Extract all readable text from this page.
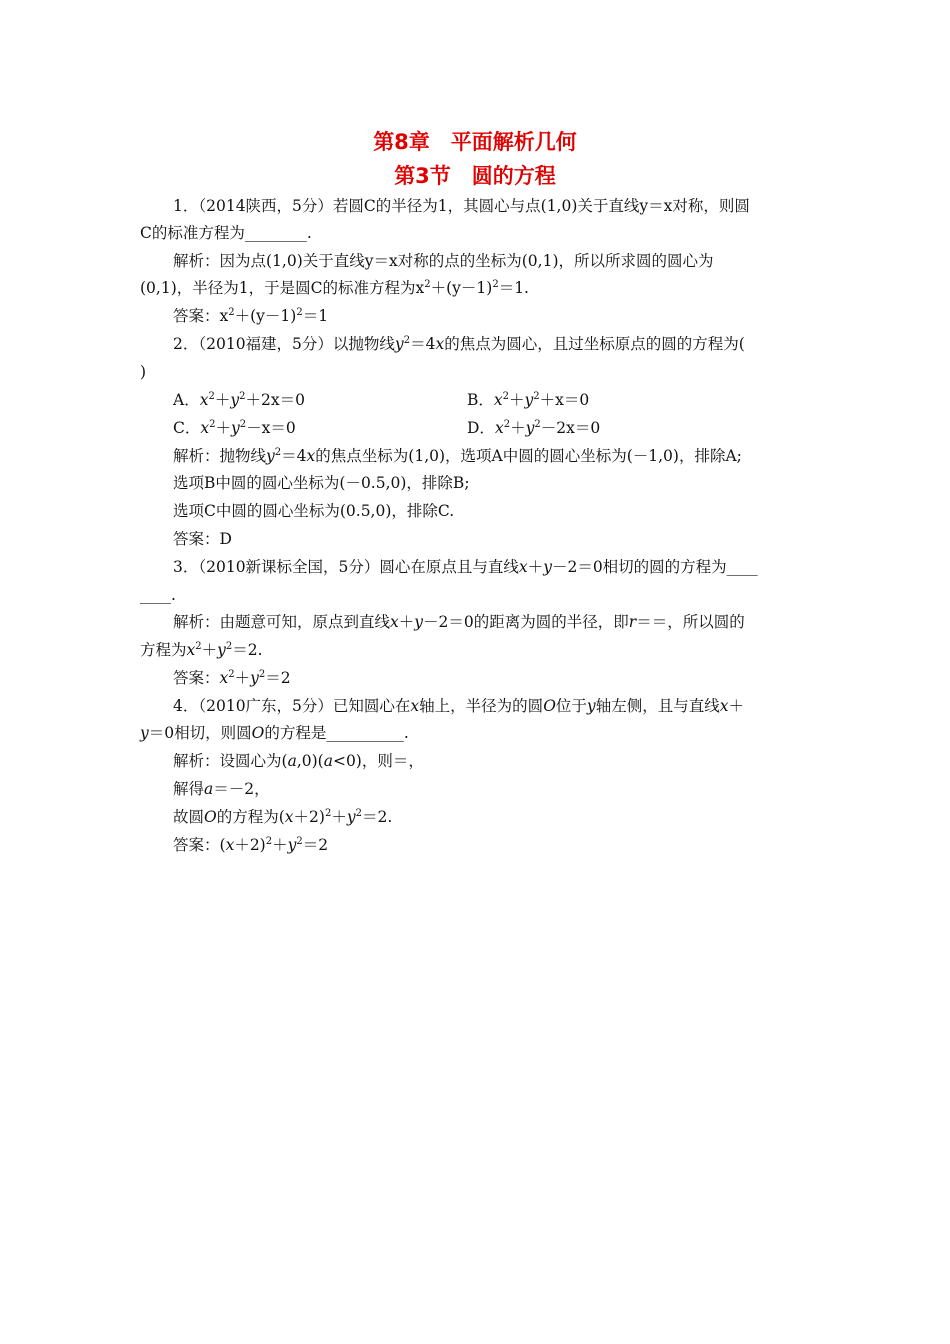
第8章　平面解析几何
第3节　圆的方程
1．（2014陕西，5分）若圆C的半径为1，其圆心与点(1,0)关于直线y＝x对称，则圆
C的标准方程为________.
解析：因为点(1,0)关于直线y＝x对称的点的坐标为(0,1)，所以所求圆的圆心为
(0,1)，半径为1，于是圆C的标准方程为$x^2+(y-1)^2=1$.
答案：$x^2+(y-1)^2=1$
2．（2010福建，5分）以抛物线$y^2=4x$的焦点为圆心，且过坐标原点的圆的方程为(
)
A．$x^2+y^2+2x=0$	B．$x^2+y^2+x=0$
C．$x^2+y^2-x=0$	D．$x^2+y^2-2x=0$
解析：抛物线$y^2=4x$的焦点坐标为(1,0)，选项A中圆的圆心坐标为(－1,0)，排除A;
选项B中圆的圆心坐标为(－0.5,0)，排除B;
选项C中圆的圆心坐标为(0.5,0)，排除C.
答案：D
3．（2010新课标全国，5分）圆心在原点且与直线x＋y－2＝0相切的圆的方程为____
____.
解析：由题意可知，原点到直线x＋y－2＝0的距离为圆的半径，即r＝＝，所以圆的
方程为$x^2+y^2=2$.
答案：$x^2+y^2=2$
4．（2010广东，5分）已知圆心在x轴上，半径为的圆O位于y轴左侧，且与直线x＋
y＝0相切，则圆O的方程是__________.
解析：设圆心为(a,0)(a<0)，则＝，
解得a＝－2，
故圆O的方程为$(x+2)^2+y^2=2$.
答案：$(x+2)^2+y^2=2$
